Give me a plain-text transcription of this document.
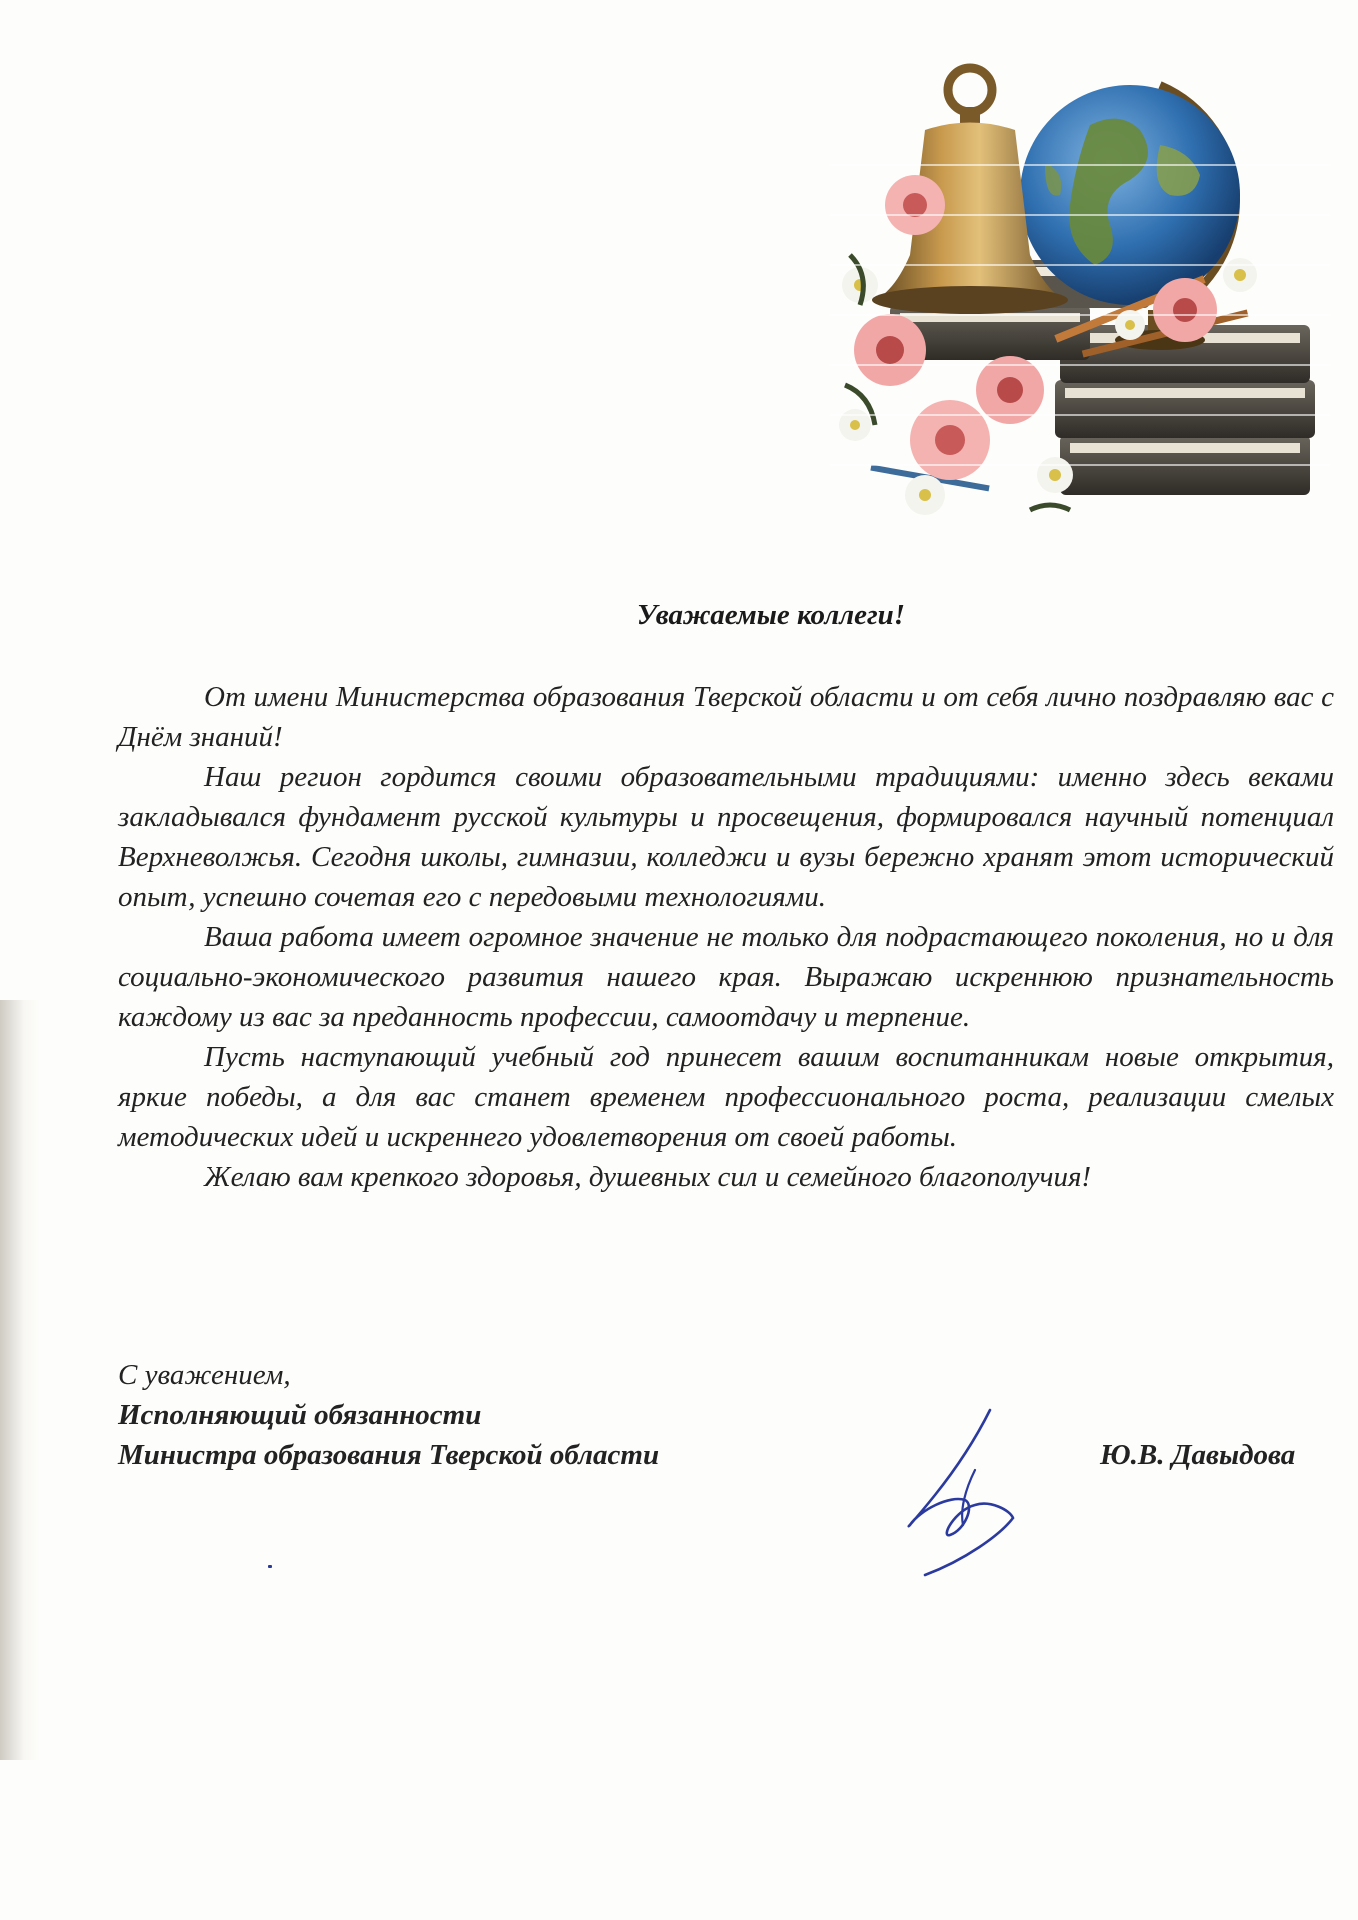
Уважаемые коллеги!

От имени Министерства образования Тверской области и от себя лично поздравляю вас с Днём знаний!

Наш регион гордится своими образовательными традициями: именно здесь веками закладывался фундамент русской культуры и просвещения, формировался научный потенциал Верхневолжья. Сегодня школы, гимназии, колледжи и вузы бережно хранят этот исторический опыт, успешно сочетая его с передовыми технологиями.

Ваша работа имеет огромное значение не только для подрастающего поколения, но и для социально-экономического развития нашего края. Выражаю искреннюю признательность каждому из вас за преданность профессии, самоотдачу и терпение.

Пусть наступающий учебный год принесет вашим воспитанникам новые открытия, яркие победы, а для вас станет временем профессионального роста, реализации смелых методических идей и искреннего удовлетворения от своей работы.

Желаю вам крепкого здоровья, душевных сил и семейного благополучия!

С уважением,
Исполняющий обязанности
Министра образования Тверской области	Ю.В. Давыдова
